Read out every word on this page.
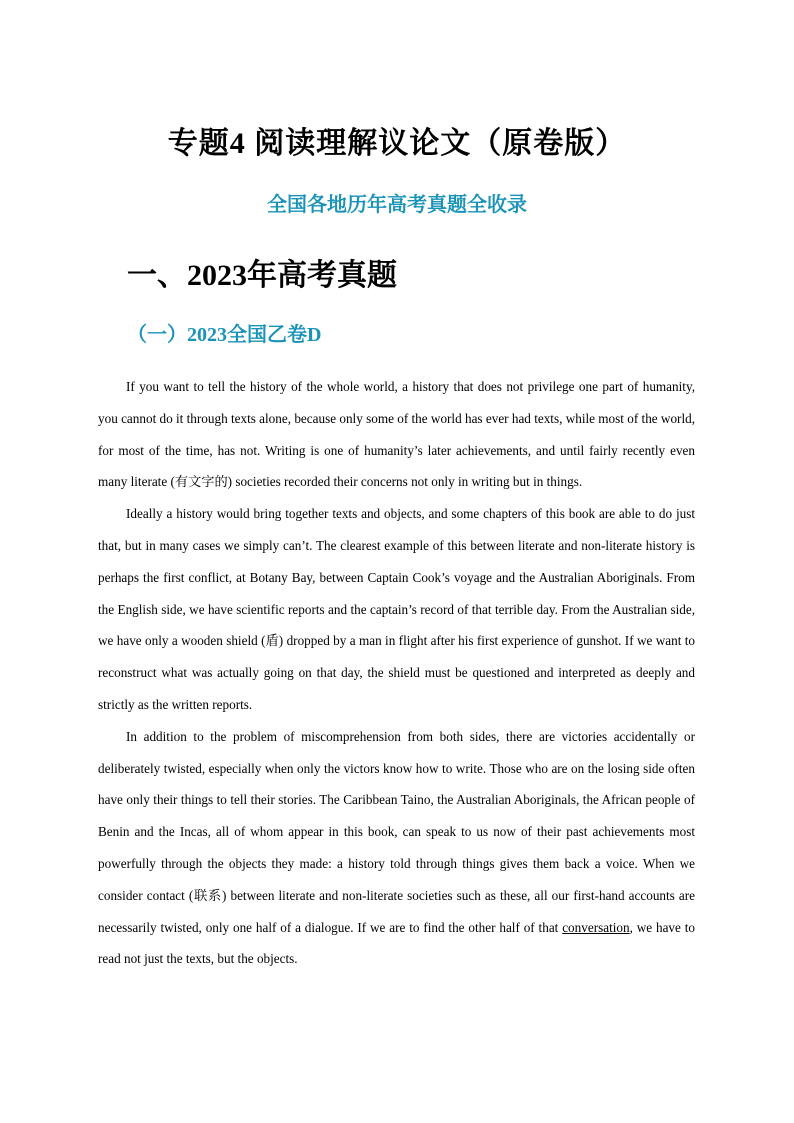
专题4 阅读理解议论文（原卷版）
全国各地历年高考真题全收录
一、2023年高考真题
（一）2023全国乙卷D

If you want to tell the history of the whole world, a history that does not privilege one part of humanity, you cannot do it through texts alone, because only some of the world has ever had texts, while most of the world, for most of the time, has not. Writing is one of humanity’s later achievements, and until fairly recently even many literate (有文字的) societies recorded their concerns not only in writing but in things.

Ideally a history would bring together texts and objects, and some chapters of this book are able to do just that, but in many cases we simply can’t. The clearest example of this between literate and non-literate history is perhaps the first conflict, at Botany Bay, between Captain Cook’s voyage and the Australian Aboriginals. From the English side, we have scientific reports and the captain’s record of that terrible day. From the Australian side, we have only a wooden shield (盾) dropped by a man in flight after his first experience of gunshot. If we want to reconstruct what was actually going on that day, the shield must be questioned and interpreted as deeply and strictly as the written reports.

In addition to the problem of miscomprehension from both sides, there are victories accidentally or deliberately twisted, especially when only the victors know how to write. Those who are on the losing side often have only their things to tell their stories. The Caribbean Taino, the Australian Aboriginals, the African people of Benin and the Incas, all of whom appear in this book, can speak to us now of their past achievements most powerfully through the objects they made: a history told through things gives them back a voice. When we consider contact (联系) between literate and non-literate societies such as these, all our first-hand accounts are necessarily twisted, only one half of a dialogue. If we are to find the other half of that conversation, we have to read not just the texts, but the objects.
